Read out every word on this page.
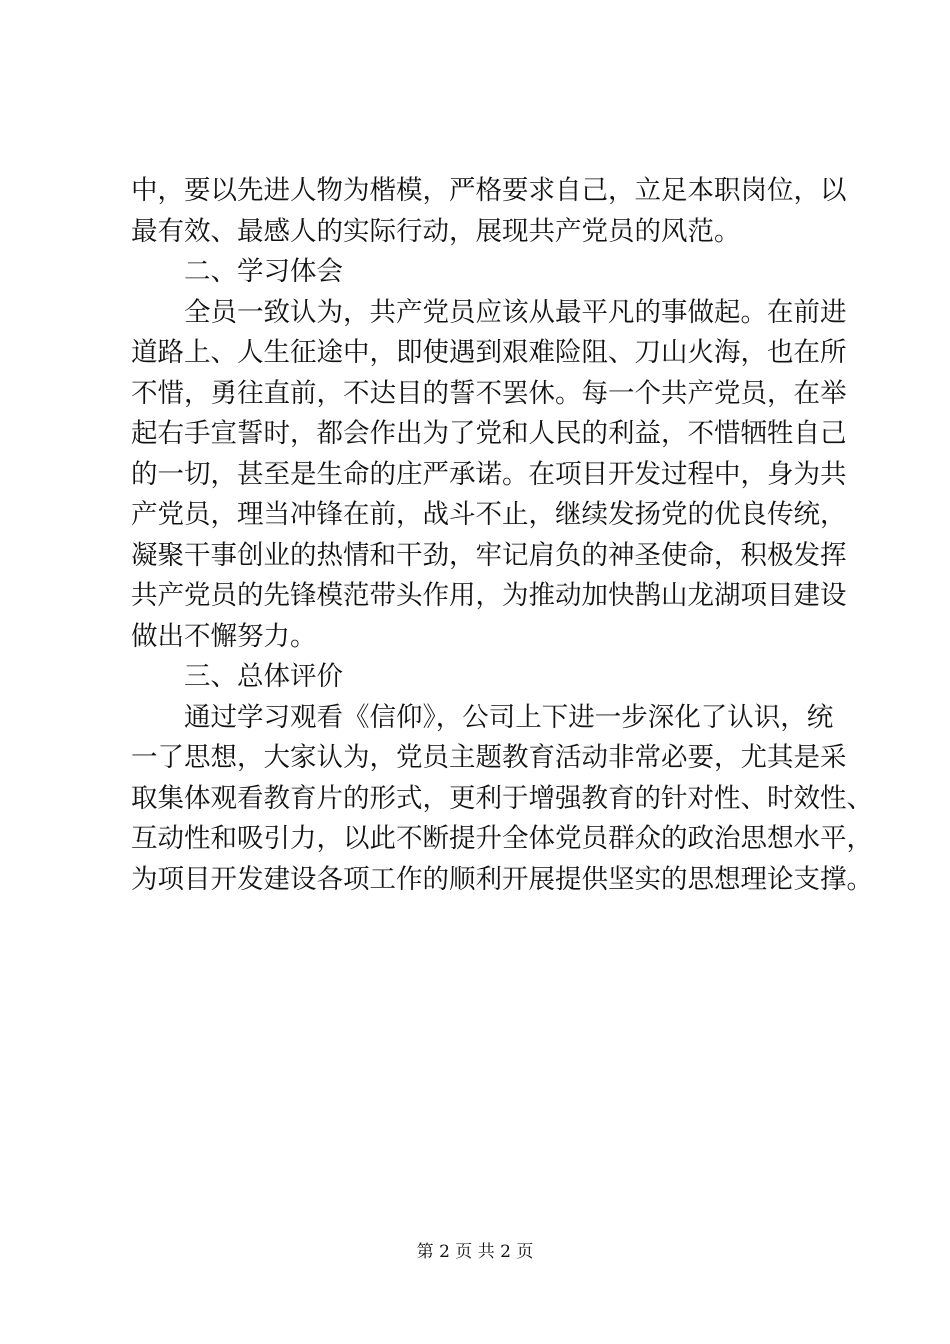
中，要以先进人物为楷模，严格要求自己，立足本职岗位，以
最有效、最感人的实际行动，展现共产党员的风范。
二、学习体会
全员一致认为，共产党员应该从最平凡的事做起。在前进
道路上、人生征途中，即使遇到艰难险阻、刀山火海，也在所
不惜，勇往直前，不达目的誓不罢休。每一个共产党员，在举
起右手宣誓时，都会作出为了党和人民的利益，不惜牺牲自己
的一切，甚至是生命的庄严承诺。在项目开发过程中，身为共
产党员，理当冲锋在前，战斗不止，继续发扬党的优良传统，
凝聚干事创业的热情和干劲，牢记肩负的神圣使命，积极发挥
共产党员的先锋模范带头作用，为推动加快鹊山龙湖项目建设
做出不懈努力。
三、总体评价
通过学习观看《信仰》，公司上下进一步深化了认识，统
一了思想，大家认为，党员主题教育活动非常必要，尤其是采
取集体观看教育片的形式，更利于增强教育的针对性、时效性、
互动性和吸引力，以此不断提升全体党员群众的政治思想水平，
为项目开发建设各项工作的顺利开展提供坚实的思想理论支撑。
第 2 页 共 2 页
